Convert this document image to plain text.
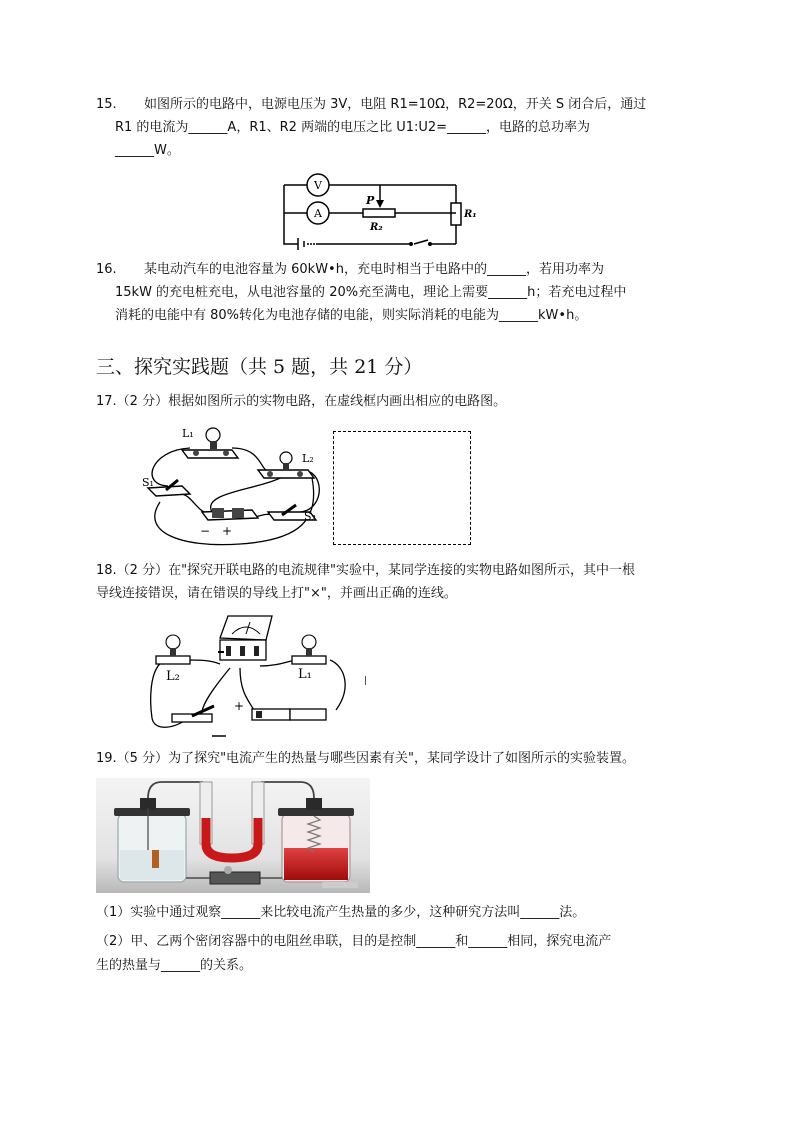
15. 如图所示的电路中，电源电压为 3V，电阻 R1=10Ω，R2=20Ω，开关 S 闭合后，通过
R1 的电流为______A，R1、R2 两端的电压之比 U1:U2=______，电路的总功率为
______W。
V
A
P
R₂
R₁
16. 某电动汽车的电池容量为 60kW•h，充电时相当于电路中的______，若用功率为
15kW 的充电桩充电，从电池容量的 20%充至满电，理论上需要______h；若充电过程中
消耗的电能中有 80%转化为电池存储的电能，则实际消耗的电能为______kW•h。
三、探究实践题（共 5 题，共 21 分）
17.（2 分）根据如图所示的实物电路，在虚线框内画出相应的电路图。
L₁
L₂
S₁
S₂
− +
18.（2 分）在"探究开联电路的电流规律"实验中，某同学连接的实物电路如图所示，其中一根
导线连接错误，请在错误的导线上打"×"，并画出正确的连线。
L₂	L₁
+
19.（5 分）为了探究"电流产生的热量与哪些因素有关"，某同学设计了如图所示的实验装置。
（1）实验中通过观察______来比较电流产生热量的多少，这种研究方法叫______法。
（2）甲、乙两个密闭容器中的电阻丝串联，目的是控制______和______相同，探究电流产
生的热量与______的关系。
